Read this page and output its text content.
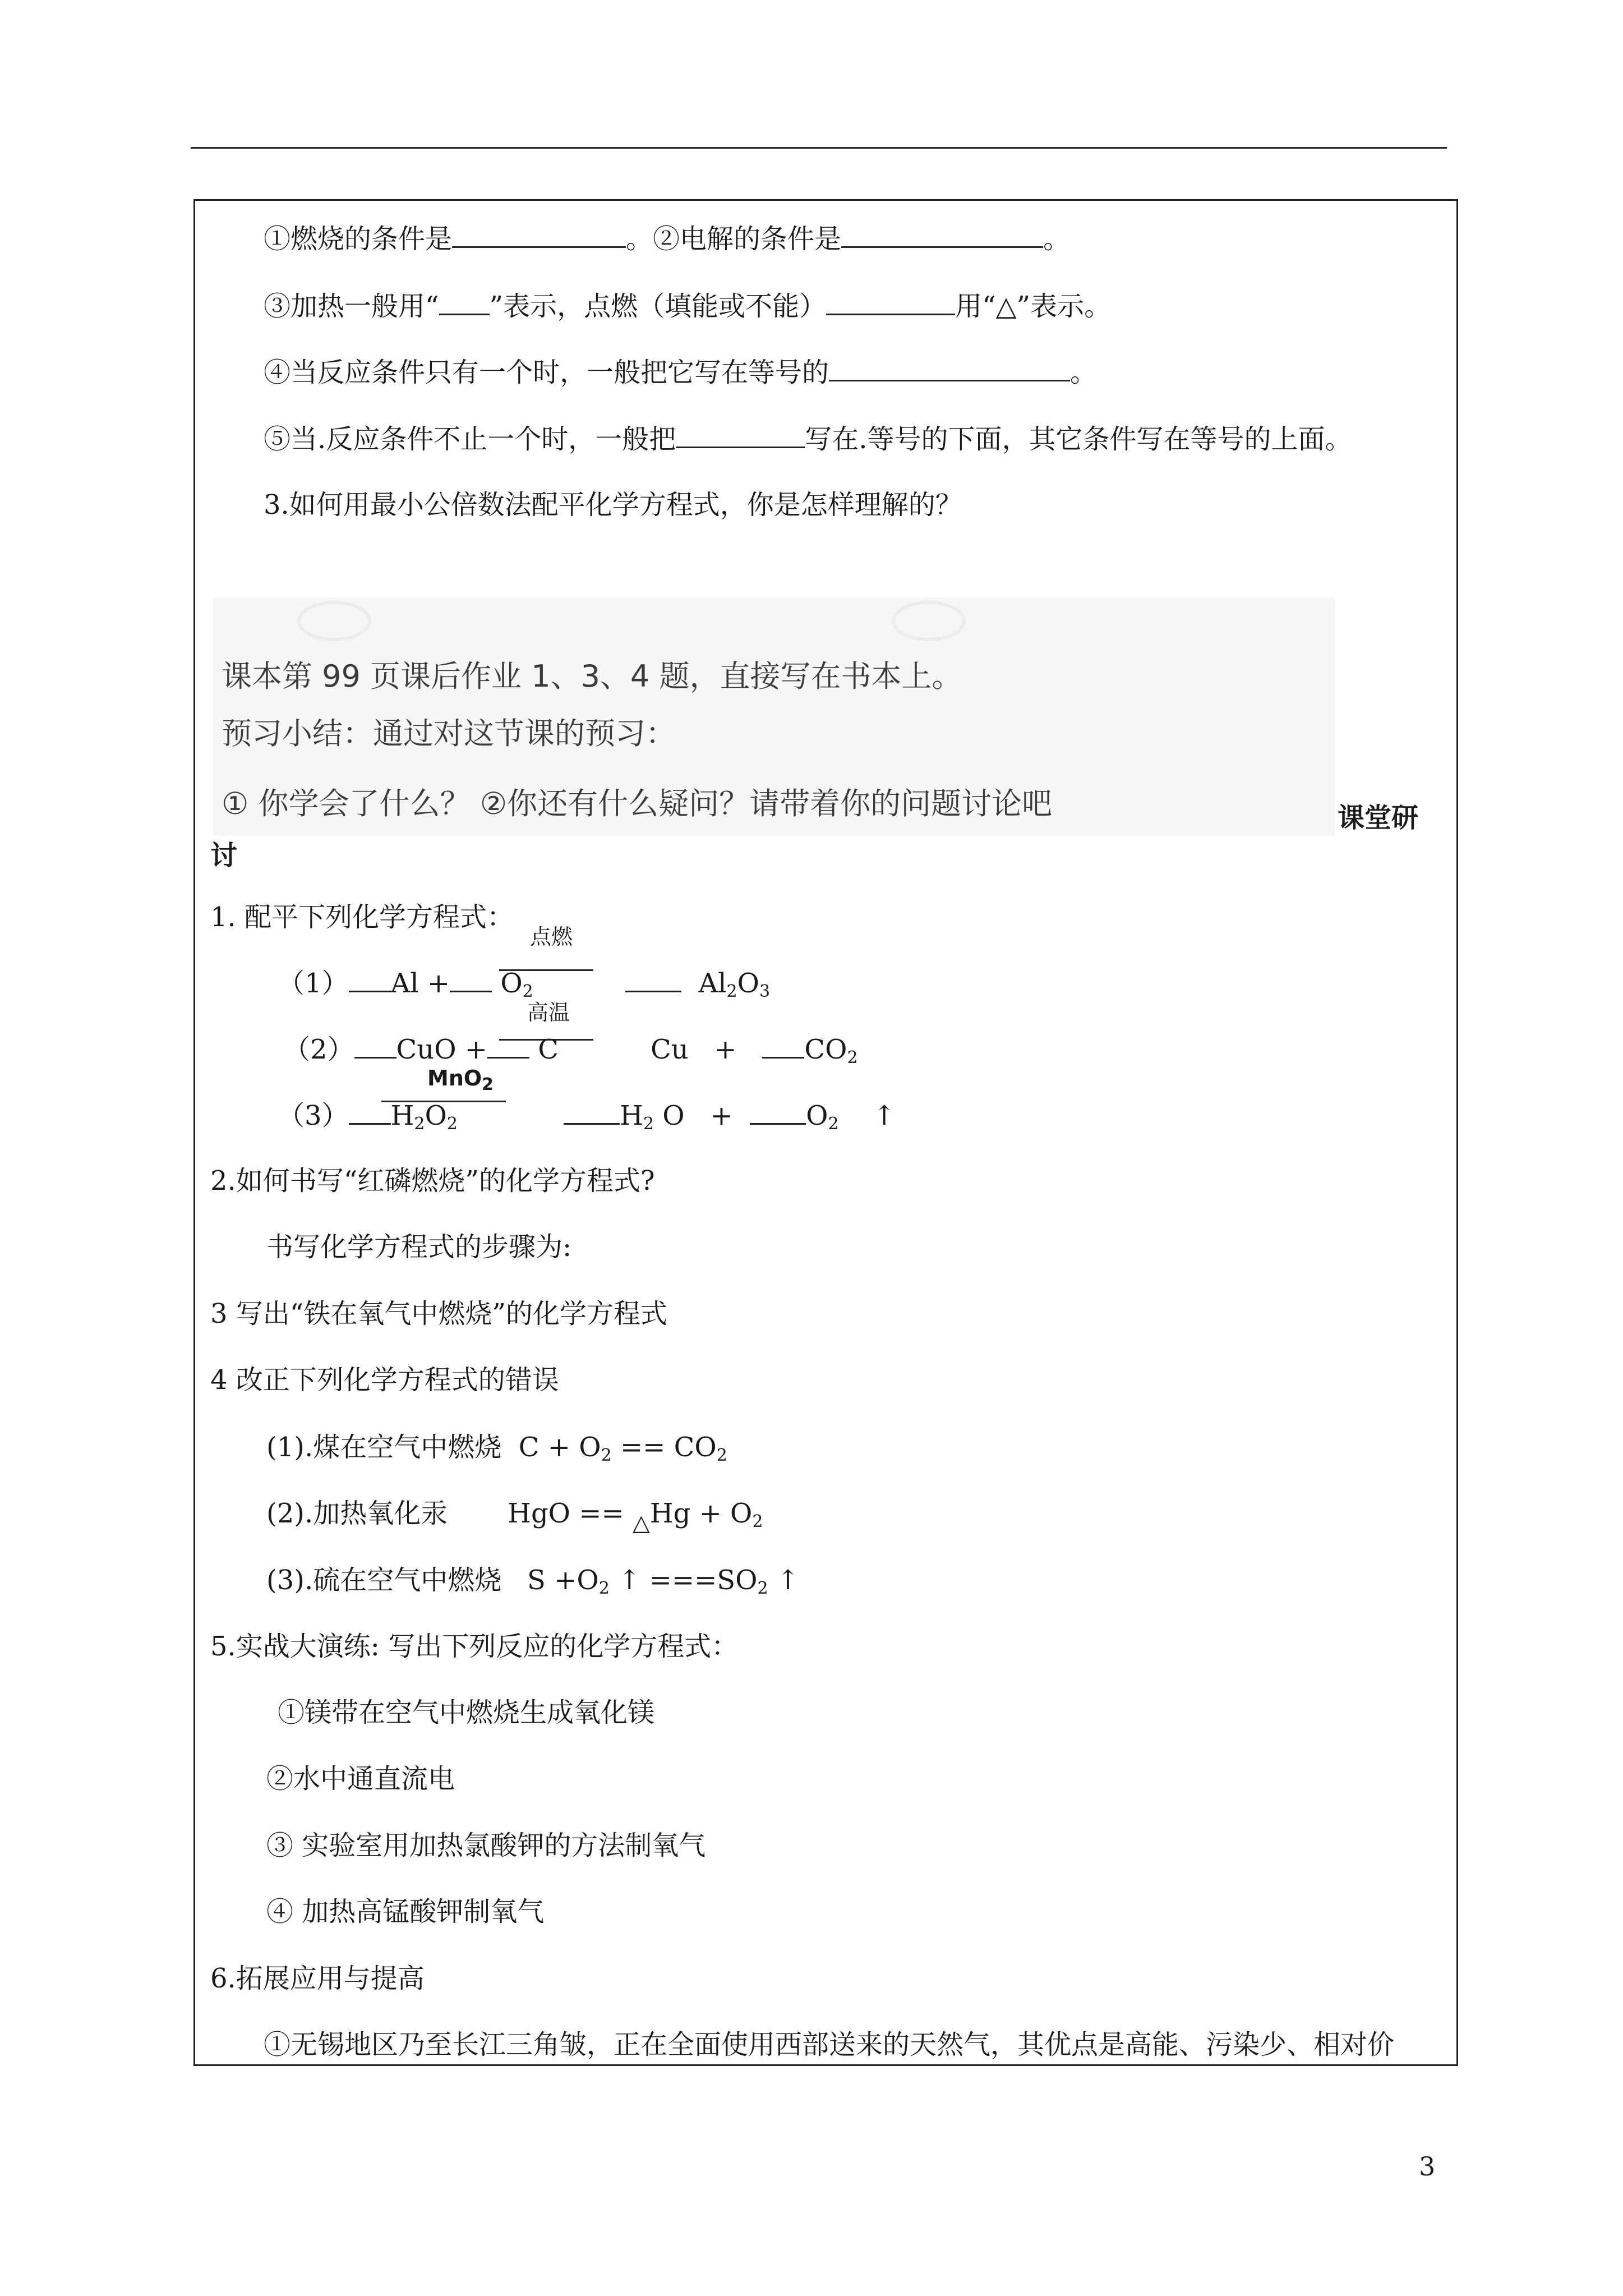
①燃烧的条件是	。②电解的条件是	。
③加热一般用“ ”表示，点燃（填能或不能）	用“△”表示。
④当反应条件只有一个时，一般把它写在等号的	。
⑤当.反应条件不止一个时，一般把	写在.等号的下面，其它条件写在等号的上面。
3.如何用最小公倍数法配平化学方程式，你是怎样理解的？
课本第 99 页课后作业 1、3、4 题，直接写在书本上。
预习小结：通过对这节课的预习：
① 你学会了什么？ ②你还有什么疑问？请带着你的问题讨论吧	课堂研
讨
1. 配平下列化学方程式：
点燃
（1） $Al + O_2$	$Al_2O_3$
高温
（2） CuO + C	Cu +	$CO_2$
MnO$_2$
（3） $H_2O_2$	$H_2$ O +	$O_2$ ↑
2.如何书写“红磷燃烧”的化学方程式?
书写化学方程式的步骤为:
3 写出“铁在氧气中燃烧”的化学方程式
4 改正下列化学方程式的错误
(1).煤在空气中燃烧 $C + O_2 == CO_2$
(2).加热氧化汞 HgO == $_\triangle Hg + O_2$
(3).硫在空气中燃烧 $S +O_2$ ↑ $===SO_2$ ↑
5.实战大演练: 写出下列反应的化学方程式：
①镁带在空气中燃烧生成氧化镁
②水中通直流电
③ 实验室用加热氯酸钾的方法制氧气
④ 加热高锰酸钾制氧气
6.拓展应用与提高
①无锡地区乃至长江三角皱，正在全面使用西部送来的天然气，其优点是高能、污染少、相对价
3
